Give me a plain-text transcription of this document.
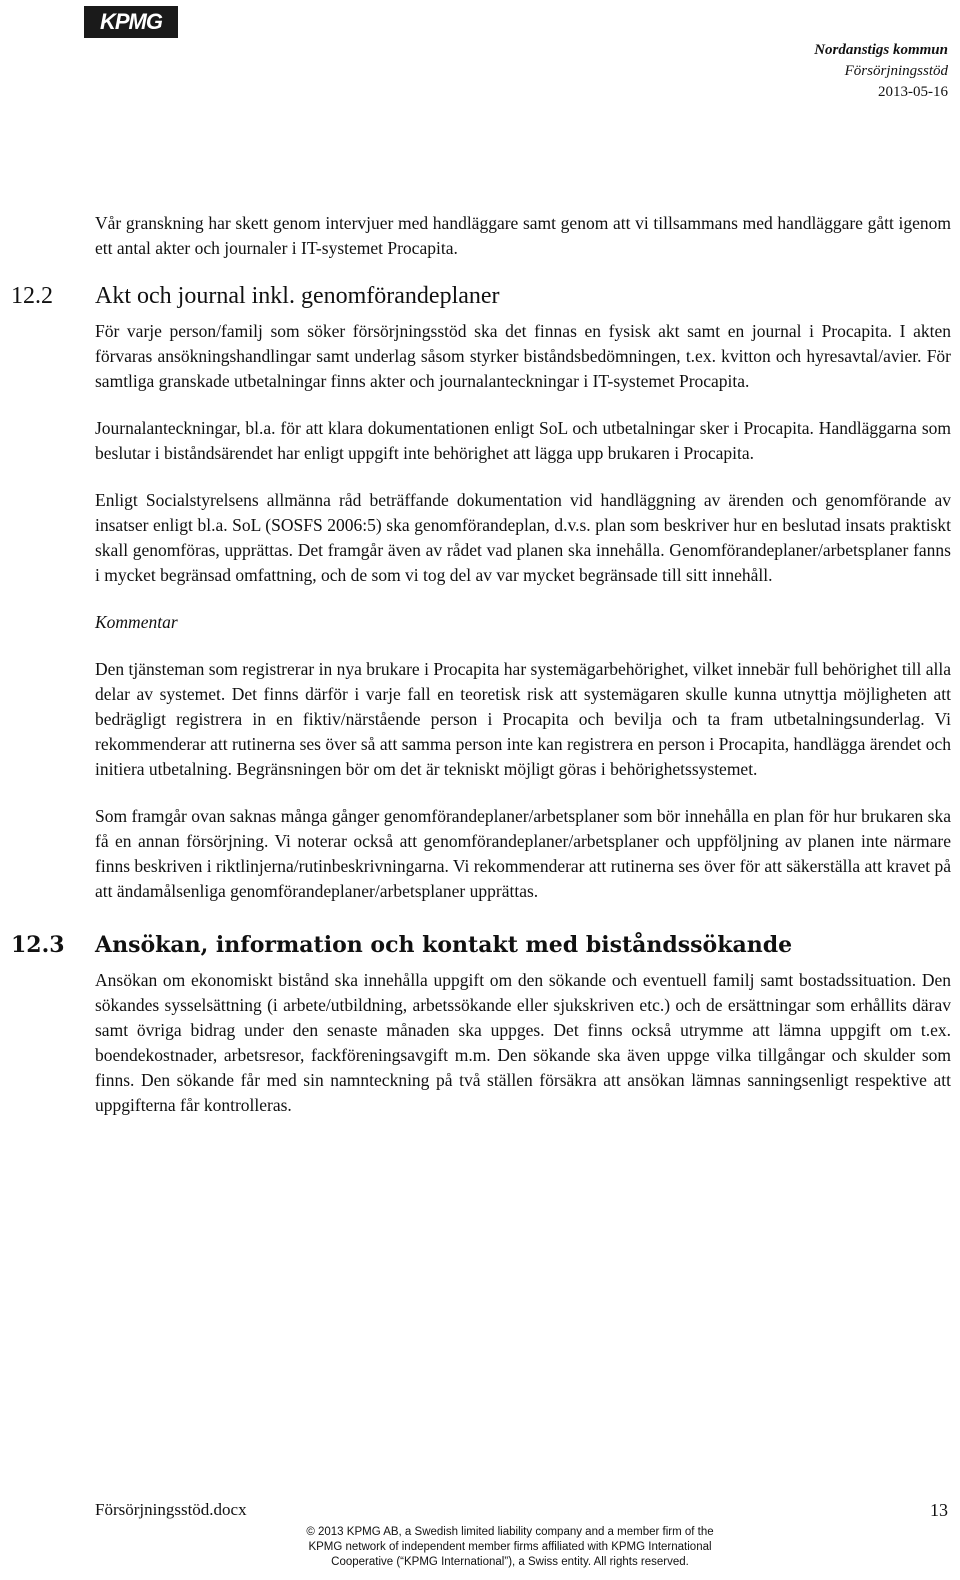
KPMG
Nordanstigs kommun
Försörjningsstöd
2013-05-16

Vår granskning har skett genom intervjuer med handläggare samt genom att vi tillsammans med handläggare gått igenom ett antal akter och journaler i IT-systemet Procapita.

12.2 Akt och journal inkl. genomförandeplaner

För varje person/familj som söker försörjningsstöd ska det finnas en fysisk akt samt en journal i Procapita. I akten förvaras ansökningshandlingar samt underlag såsom styrker biståndsbedömningen, t.ex. kvitton och hyresavtal/avier. För samtliga granskade utbetalningar finns akter och journalanteckningar i IT-systemet Procapita.

Journalanteckningar, bl.a. för att klara dokumentationen enligt SoL och utbetalningar sker i Procapita. Handläggarna som beslutar i biståndsärendet har enligt uppgift inte behörighet att lägga upp brukaren i Procapita.

Enligt Socialstyrelsens allmänna råd beträffande dokumentation vid handläggning av ärenden och genomförande av insatser enligt bl.a. SoL (SOSFS 2006:5) ska genomförandeplan, d.v.s. plan som beskriver hur en beslutad insats praktiskt skall genomföras, upprättas. Det framgår även av rådet vad planen ska innehålla. Genomförandeplaner/arbetsplaner fanns i mycket begränsad omfattning, och de som vi tog del av var mycket begränsade till sitt innehåll.

Kommentar

Den tjänsteman som registrerar in nya brukare i Procapita har systemägarbehörighet, vilket innebär full behörighet till alla delar av systemet. Det finns därför i varje fall en teoretisk risk att systemägaren skulle kunna utnyttja möjligheten att bedrägligt registrera in en fiktiv/närstående person i Procapita och bevilja och ta fram utbetalningsunderlag. Vi rekommenderar att rutinerna ses över så att samma person inte kan registrera en person i Procapita, handlägga ärendet och initiera utbetalning. Begränsningen bör om det är tekniskt möjligt göras i behörighetssystemet.

Som framgår ovan saknas många gånger genomförandeplaner/arbetsplaner som bör innehålla en plan för hur brukaren ska få en annan försörjning. Vi noterar också att genomförandeplaner/arbetsplaner och uppföljning av planen inte närmare finns beskriven i riktlinjerna/rutinbeskrivningarna. Vi rekommenderar att rutinerna ses över för att säkerställa att kravet på att ändamålsenliga genomförandeplaner/arbetsplaner upprättas.

12.3 Ansökan, information och kontakt med biståndssökande

Ansökan om ekonomiskt bistånd ska innehålla uppgift om den sökande och eventuell familj samt bostadssituation. Den sökandes sysselsättning (i arbete/utbildning, arbetssökande eller sjukskriven etc.) och de ersättningar som erhållits därav samt övriga bidrag under den senaste månaden ska uppges. Det finns också utrymme att lämna uppgift om t.ex. boendekostnader, arbetsresor, fackföreningsavgift m.m. Den sökande ska även uppge vilka tillgångar och skulder som finns. Den sökande får med sin namnteckning på två ställen försäkra att ansökan lämnas sanningsenligt respektive att uppgifterna får kontrolleras.

Försörjningsstöd.docx	13
© 2013 KPMG AB, a Swedish limited liability company and a member firm of the
KPMG network of independent member firms affiliated with KPMG International
Cooperative (“KPMG International”), a Swiss entity. All rights reserved.
